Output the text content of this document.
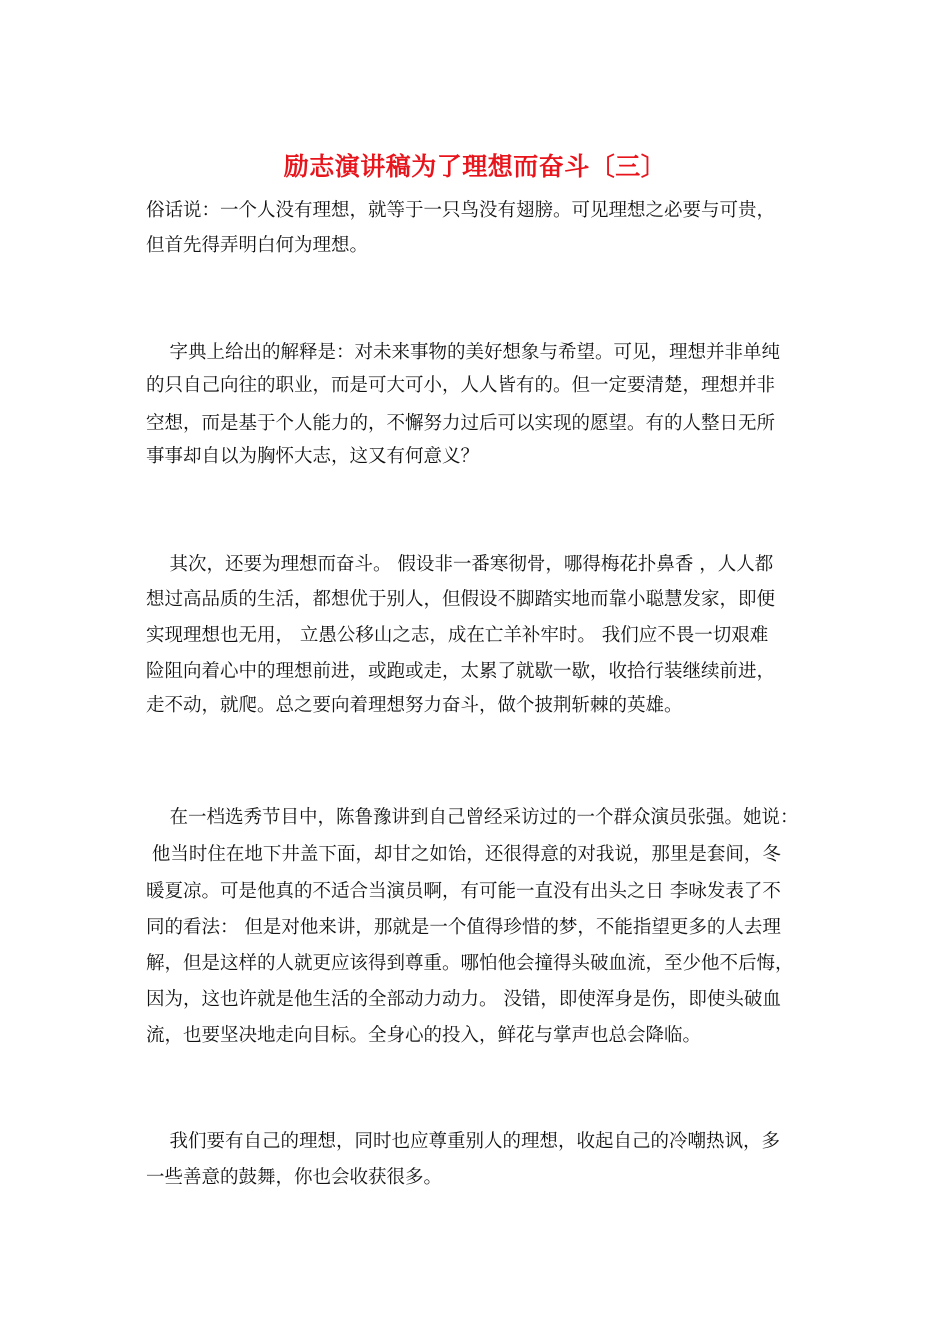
励志演讲稿为了理想而奋斗〔三〕
俗话说：一个人没有理想，就等于一只鸟没有翅膀。可见理想之必要与可贵，
但首先得弄明白何为理想。
字典上给出的解释是：对未来事物的美好想象与希望。可见，理想并非单纯
的只自己向往的职业，而是可大可小，人人皆有的。但一定要清楚，理想并非
空想，而是基于个人能力的，不懈努力过后可以实现的愿望。有的人整日无所
事事却自以为胸怀大志，这又有何意义？
其次，还要为理想而奋斗。 假设非一番寒彻骨，哪得梅花扑鼻香 ，人人都
想过高品质的生活，都想优于别人，但假设不脚踏实地而靠小聪慧发家，即便
实现理想也无用， 立愚公移山之志，成在亡羊补牢时。 我们应不畏一切艰难
险阻向着心中的理想前进，或跑或走，太累了就歇一歇，收拾行装继续前进，
走不动，就爬。总之要向着理想努力奋斗，做个披荆斩棘的英雄。
在一档选秀节目中，陈鲁豫讲到自己曾经采访过的一个群众演员张强。她说：
他当时住在地下井盖下面，却甘之如饴，还很得意的对我说，那里是套间，冬
暖夏凉。可是他真的不适合当演员啊，有可能一直没有出头之日 李咏发表了不
同的看法： 但是对他来讲，那就是一个值得珍惜的梦，不能指望更多的人去理
解，但是这样的人就更应该得到尊重。哪怕他会撞得头破血流，至少他不后悔，
因为，这也许就是他生活的全部动力动力。 没错，即使浑身是伤，即使头破血
流，也要坚决地走向目标。全身心的投入，鲜花与掌声也总会降临。
我们要有自己的理想，同时也应尊重别人的理想，收起自己的冷嘲热讽，多
一些善意的鼓舞，你也会收获很多。
